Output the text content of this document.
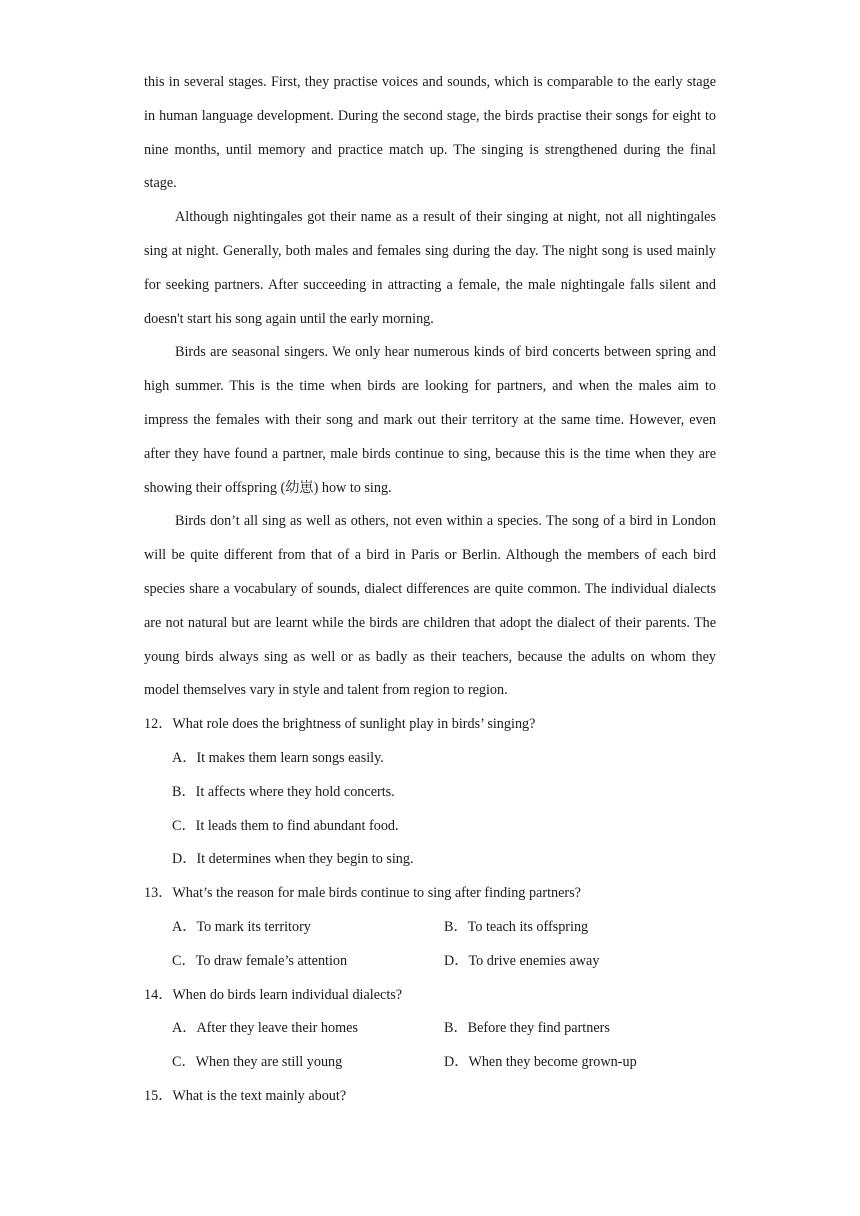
this in several stages. First, they practise voices and sounds, which is comparable to the early stage in human language development. During the second stage, the birds practise their songs for eight to nine months, until memory and practice match up. The singing is strengthened during the final stage.

Although nightingales got their name as a result of their singing at night, not all nightingales sing at night. Generally, both males and females sing during the day. The night song is used mainly for seeking partners. After succeeding in attracting a female, the male nightingale falls silent and doesn't start his song again until the early morning.

Birds are seasonal singers. We only hear numerous kinds of bird concerts between spring and high summer. This is the time when birds are looking for partners, and when the males aim to impress the females with their song and mark out their territory at the same time. However, even after they have found a partner, male birds continue to sing, because this is the time when they are showing their offspring (幼崽) how to sing.

Birds don’t all sing as well as others, not even within a species. The song of a bird in London will be quite different from that of a bird in Paris or Berlin. Although the members of each bird species share a vocabulary of sounds, dialect differences are quite common. The individual dialects are not natural but are learnt while the birds are children that adopt the dialect of their parents. The young birds always sing as well or as badly as their teachers, because the adults on whom they model themselves vary in style and talent from region to region.

12． What role does the brightness of sunlight play in birds’ singing?
A．It makes them learn songs easily.
B．It affects where they hold concerts.
C．It leads them to find abundant food.
D．It determines when they begin to sing.
13． What’s the reason for male birds continue to sing after finding partners?
A．To mark its territory	B．To teach its offspring
C．To draw female’s attention	D．To drive enemies away
14． When do birds learn individual dialects?
A．After they leave their homes	B．Before they find partners
C．When they are still young	D．When they become grown-up
15． What is the text mainly about?
